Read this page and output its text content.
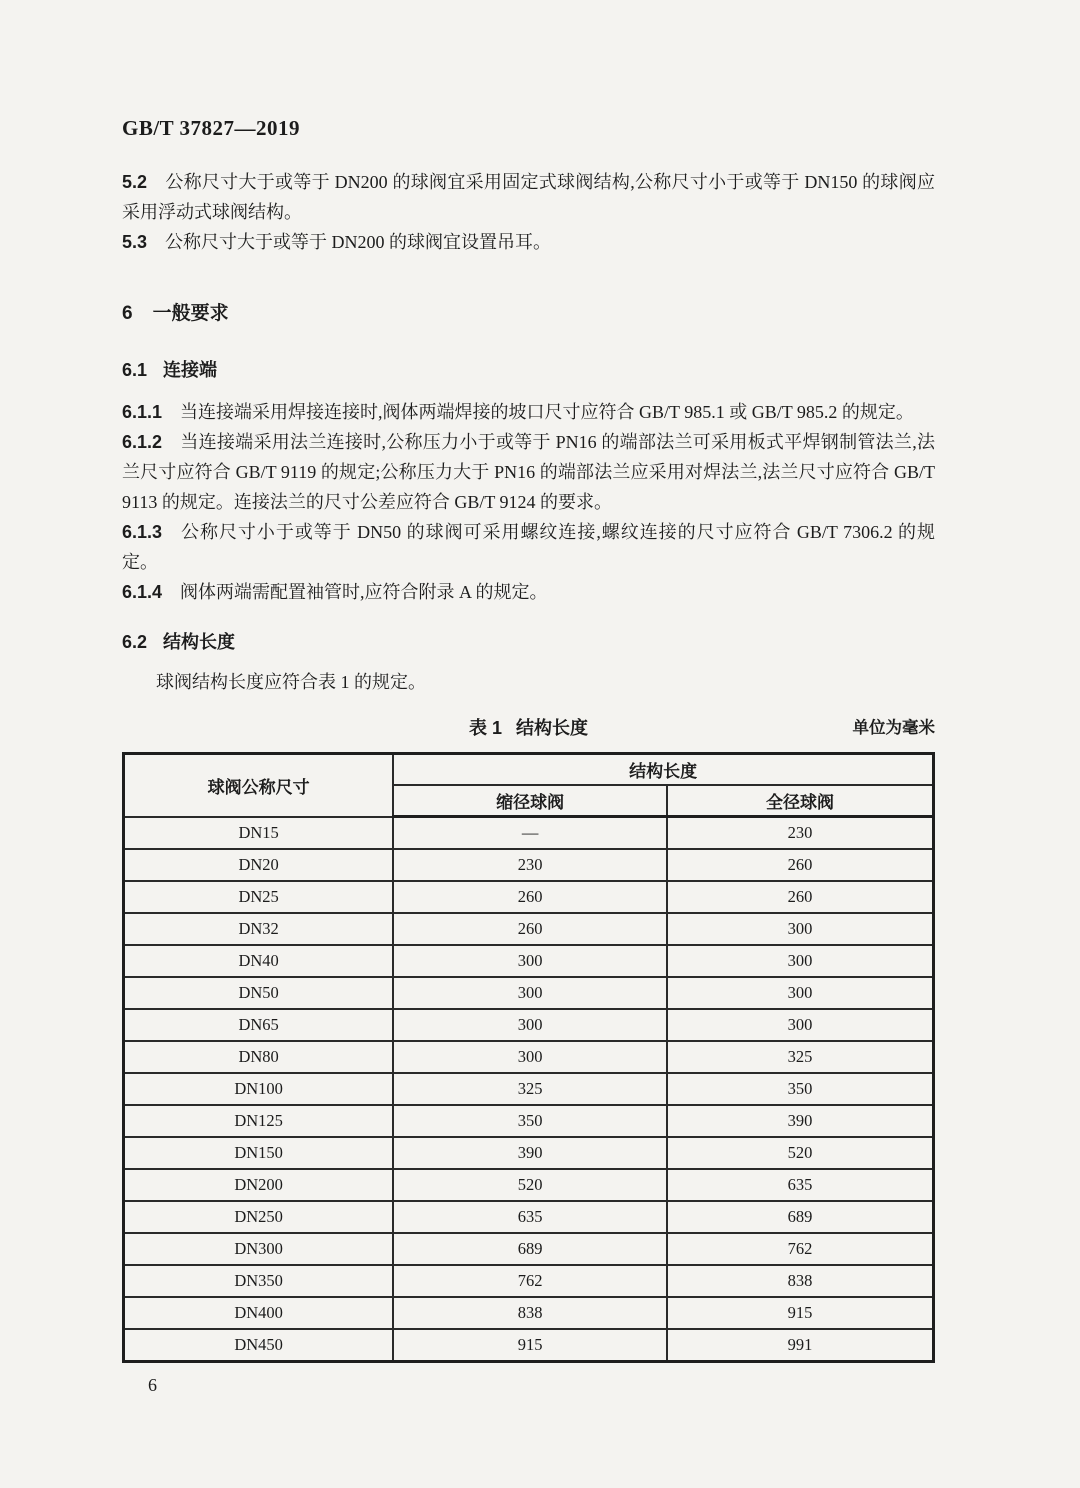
GB/T 37827—2019

5.2 公称尺寸大于或等于 DN200 的球阀宜采用固定式球阀结构,公称尺寸小于或等于 DN150 的球阀应采用浮动式球阀结构。

5.3 公称尺寸大于或等于 DN200 的球阀宜设置吊耳。

6 一般要求
6.1 连接端

6.1.1 当连接端采用焊接连接时,阀体两端焊接的坡口尺寸应符合 GB/T 985.1 或 GB/T 985.2 的规定。

6.1.2 当连接端采用法兰连接时,公称压力小于或等于 PN16 的端部法兰可采用板式平焊钢制管法兰,法兰尺寸应符合 GB/T 9119 的规定;公称压力大于 PN16 的端部法兰应采用对焊法兰,法兰尺寸应符合 GB/T 9113 的规定。连接法兰的尺寸公差应符合 GB/T 9124 的要求。

6.1.3 公称尺寸小于或等于 DN50 的球阀可采用螺纹连接,螺纹连接的尺寸应符合 GB/T 7306.2 的规定。

6.1.4 阀体两端需配置袖管时,应符合附录 A 的规定。

6.2 结构长度

球阀结构长度应符合表 1 的规定。

表 1 结构长度	单位为毫米
球阀公称尺寸	结构长度	
	缩径球阀	全径球阀
DN15	—	230
DN20	230	260
DN25	260	260
DN32	260	300
DN40	300	300
DN50	300	300
DN65	300	300
DN80	300	325
DN100	325	350
DN125	350	390
DN150	390	520
DN200	520	635
DN250	635	689
DN300	689	762
DN350	762	838
DN400	838	915
DN450	915	991
6
